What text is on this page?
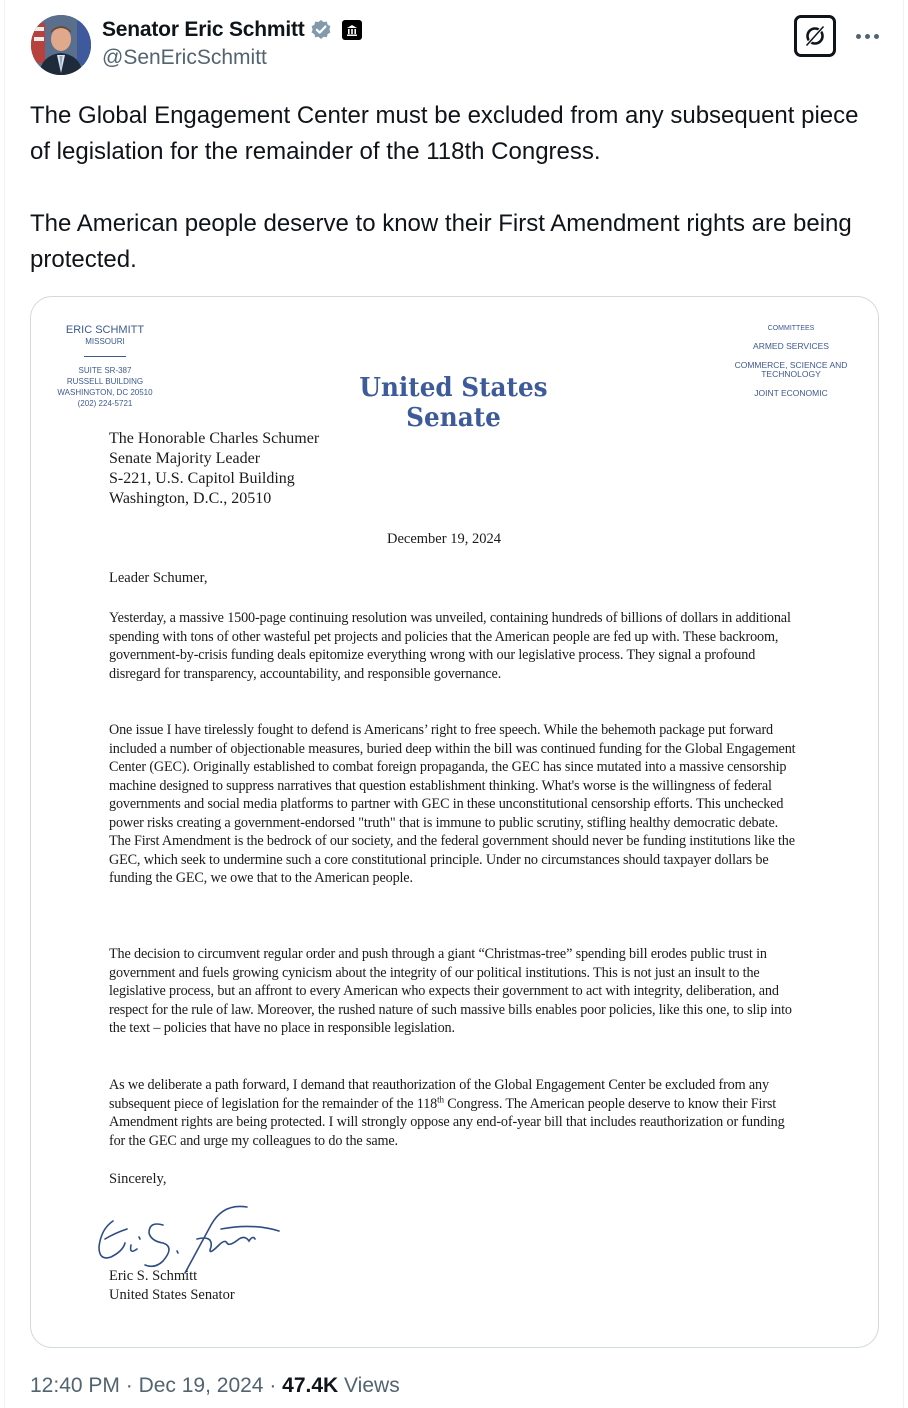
Senator Eric Schmitt
@SenEricSchmitt

The Global Engagement Center must be excluded from any subsequent piece of legislation for the remainder of the 118th Congress.

The American people deserve to know their First Amendment rights are being protected.

ERIC SCHMITT
MISSOURI
SUITE SR-387
RUSSELL BUILDING
WASHINGTON, DC 20510
(202) 224-5721
United States Senate
COMMITTEES
ARMED SERVICES
COMMERCE, SCIENCE AND TECHNOLOGY
JOINT ECONOMIC
The Honorable Charles Schumer
Senate Majority Leader
S-221, U.S. Capitol Building
Washington, D.C., 20510
December 19, 2024
Leader Schumer,
Yesterday, a massive 1500-page continuing resolution was unveiled, containing hundreds of billions of dollars in additional spending with tons of other wasteful pet projects and policies that the American people are fed up with. These backroom, government-by-crisis funding deals epitomize everything wrong with our legislative process. They signal a profound disregard for transparency, accountability, and responsible governance.
One issue I have tirelessly fought to defend is Americans’ right to free speech. While the behemoth package put forward included a number of objectionable measures, buried deep within the bill was continued funding for the Global Engagement Center (GEC). Originally established to combat foreign propaganda, the GEC has since mutated into a massive censorship machine designed to suppress narratives that question establishment thinking. What's worse is the willingness of federal governments and social media platforms to partner with GEC in these unconstitutional censorship efforts. This unchecked power risks creating a government-endorsed "truth" that is immune to public scrutiny, stifling healthy democratic debate. The First Amendment is the bedrock of our society, and the federal government should never be funding institutions like the GEC, which seek to undermine such a core constitutional principle. Under no circumstances should taxpayer dollars be funding the GEC, we owe that to the American people.
The decision to circumvent regular order and push through a giant “Christmas-tree” spending bill erodes public trust in government and fuels growing cynicism about the integrity of our political institutions. This is not just an insult to the legislative process, but an affront to every American who expects their government to act with integrity, deliberation, and respect for the rule of law. Moreover, the rushed nature of such massive bills enables poor policies, like this one, to slip into the text – policies that have no place in responsible legislation.
As we deliberate a path forward, I demand that reauthorization of the Global Engagement Center be excluded from any subsequent piece of legislation for the remainder of the 118th Congress. The American people deserve to know their First Amendment rights are being protected. I will strongly oppose any end-of-year bill that includes reauthorization or funding for the GEC and urge my colleagues to do the same.
Sincerely,
Eric S. Schmitt
United States Senator
12:40 PM · Dec 19, 2024 · 47.4K Views
